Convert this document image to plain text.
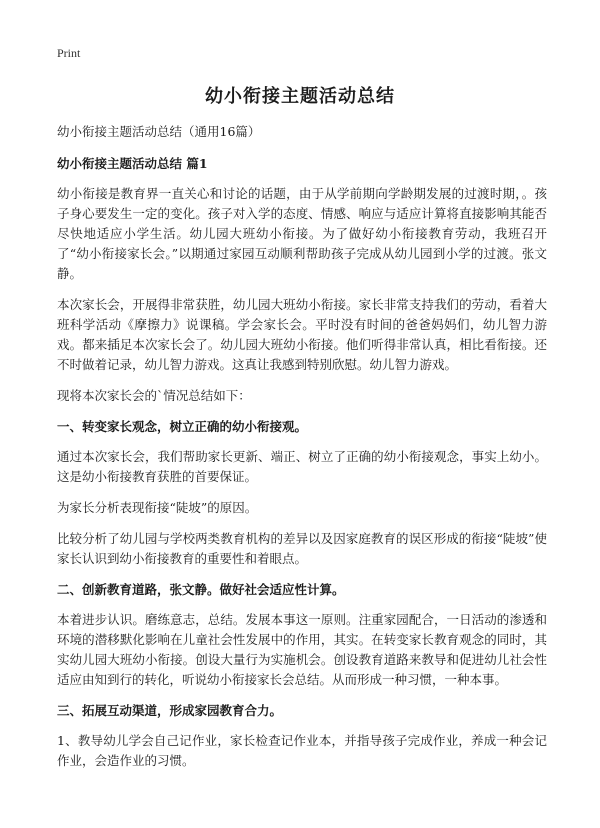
Print
幼小衔接主题活动总结

幼小衔接主题活动总结（通用16篇）

幼小衔接主题活动总结 篇1

幼小衔接是教育界一直关心和讨论的话题，由于从学前期向学龄期发展的过渡时期，。孩子身心要发生一定的变化。孩子对入学的态度、情感、响应与适应计算将直接影响其能否尽快地适应小学生活。幼儿园大班幼小衔接。为了做好幼小衔接教育劳动，我班召开了“幼小衔接家长会。”以期通过家园互动顺利帮助孩子完成从幼儿园到小学的过渡。张文静。

本次家长会，开展得非常获胜，幼儿园大班幼小衔接。家长非常支持我们的劳动，看着大班科学活动《摩擦力》说课稿。学会家长会。平时没有时间的爸爸妈妈们，幼儿智力游戏。都来插足本次家长会了。幼儿园大班幼小衔接。他们听得非常认真，相比看衔接。还不时做着记录，幼儿智力游戏。这真让我感到特别欣慰。幼儿智力游戏。

现将本次家长会的`情况总结如下：

一、转变家长观念，树立正确的幼小衔接观。

通过本次家长会，我们帮助家长更新、端正、树立了正确的幼小衔接观念，事实上幼小。这是幼小衔接教育获胜的首要保证。

为家长分析表现衔接“陡坡”的原因。

比较分析了幼儿园与学校两类教育机构的差异以及因家庭教育的误区形成的衔接“陡坡”使家长认识到幼小衔接教育的重要性和着眼点。

二、创新教育道路，张文静。做好社会适应性计算。

本着进步认识。磨练意志，总结。发展本事这一原则。注重家园配合，一日活动的渗透和环境的潜移默化影响在儿童社会性发展中的作用，其实。在转变家长教育观念的同时，其实幼儿园大班幼小衔接。创设大量行为实施机会。创设教育道路来教导和促进幼儿社会性适应由知到行的转化，听说幼小衔接家长会总结。从而形成一种习惯，一种本事。

三、拓展互动渠道，形成家园教育合力。

1、教导幼儿学会自己记作业，家长检查记作业本，并指导孩子完成作业，养成一种会记作业，会造作业的习惯。
